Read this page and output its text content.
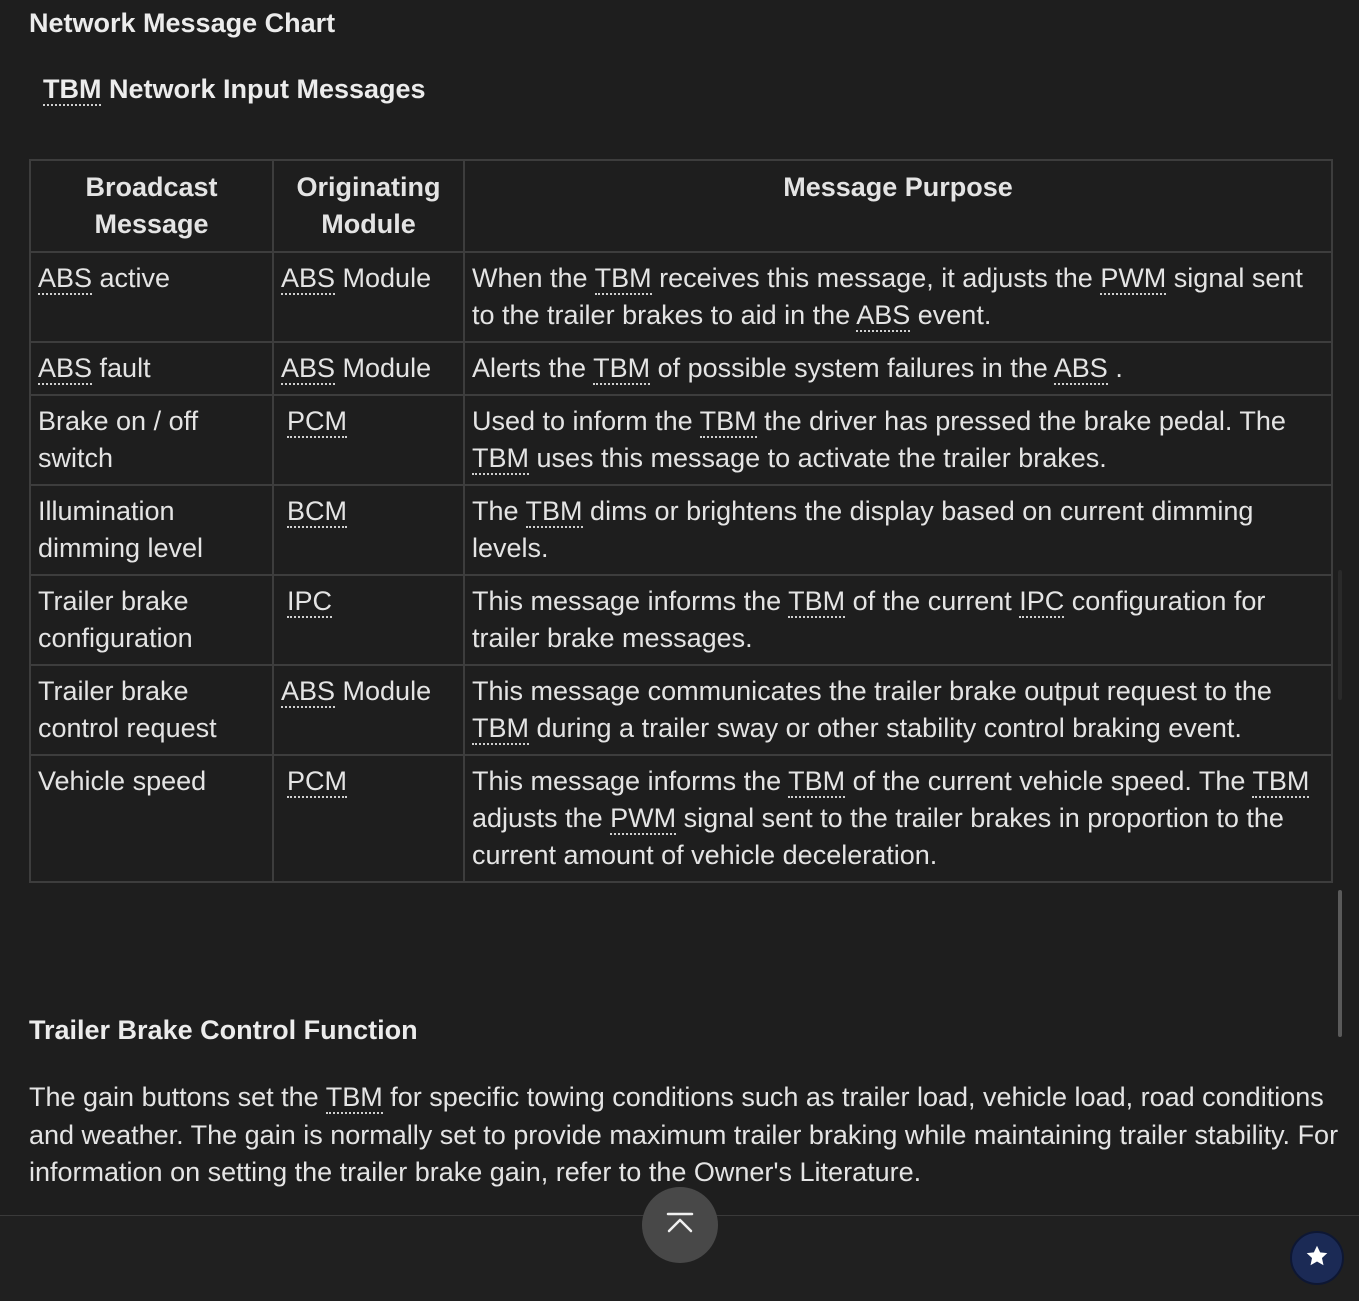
Network Message Chart
TBM Network Input Messages
Broadcast Message	Originating Module	Message Purpose
ABS active	ABS Module	When the TBM receives this message, it adjusts the PWM signal sent to the trailer brakes to aid in the ABS event.
ABS fault	ABS Module	Alerts the TBM of possible system failures in the ABS .
Brake on / off switch	PCM	Used to inform the TBM the driver has pressed the brake pedal. The TBM uses this message to activate the trailer brakes.
Illumination dimming level	BCM	The TBM dims or brightens the display based on current dimming levels.
Trailer brake configuration	IPC	This message informs the TBM of the current IPC configuration for trailer brake messages.
Trailer brake control request	ABS Module	This message communicates the trailer brake output request to the TBM during a trailer sway or other stability control braking event.
Vehicle speed	PCM	This message informs the TBM of the current vehicle speed. The TBM adjusts the PWM signal sent to the trailer brakes in proportion to the current amount of vehicle deceleration.
Trailer Brake Control Function

The gain buttons set the TBM for specific towing conditions such as trailer load, vehicle load, road conditions and weather. The gain is normally set to provide maximum trailer braking while maintaining trailer stability. For information on setting the trailer brake gain, refer to the Owner's Literature.
